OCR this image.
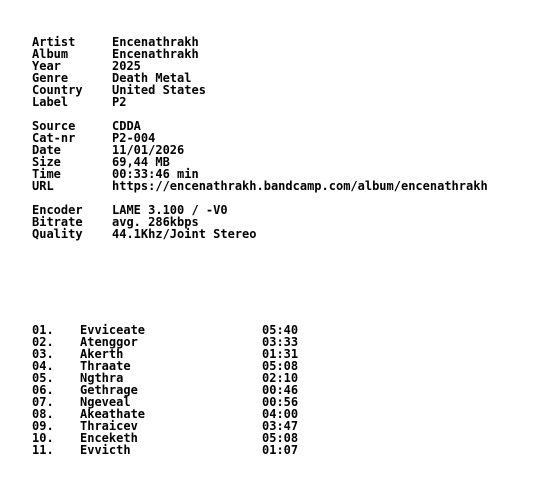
Artist	Encenathrakh
Album	Encenathrakh
Year	2025
Genre	Death Metal
Country	United States
Label	P2
Source	CDDA
Cat-nr	P2-004
Date	11/01/2026
Size	69,44 MB
Time	00:33:46 min
URL	https://encenathrakh.bandcamp.com/album/encenathrakh
Encoder	LAME 3.100 / -V0
Bitrate	avg. 286kbps
Quality	44.1Khz/Joint Stereo
01.	Evviceate	05:40
02.	Atenggor	03:33
03.	Akerth	01:31
04.	Thraate	05:08
05.	Ngthra	02:10
06.	Gethrage	00:46
07.	Ngeveal	00:56
08.	Akeathate	04:00
09.	Thraicev	03:47
10.	Enceketh	05:08
11.	Evvicth	01:07
